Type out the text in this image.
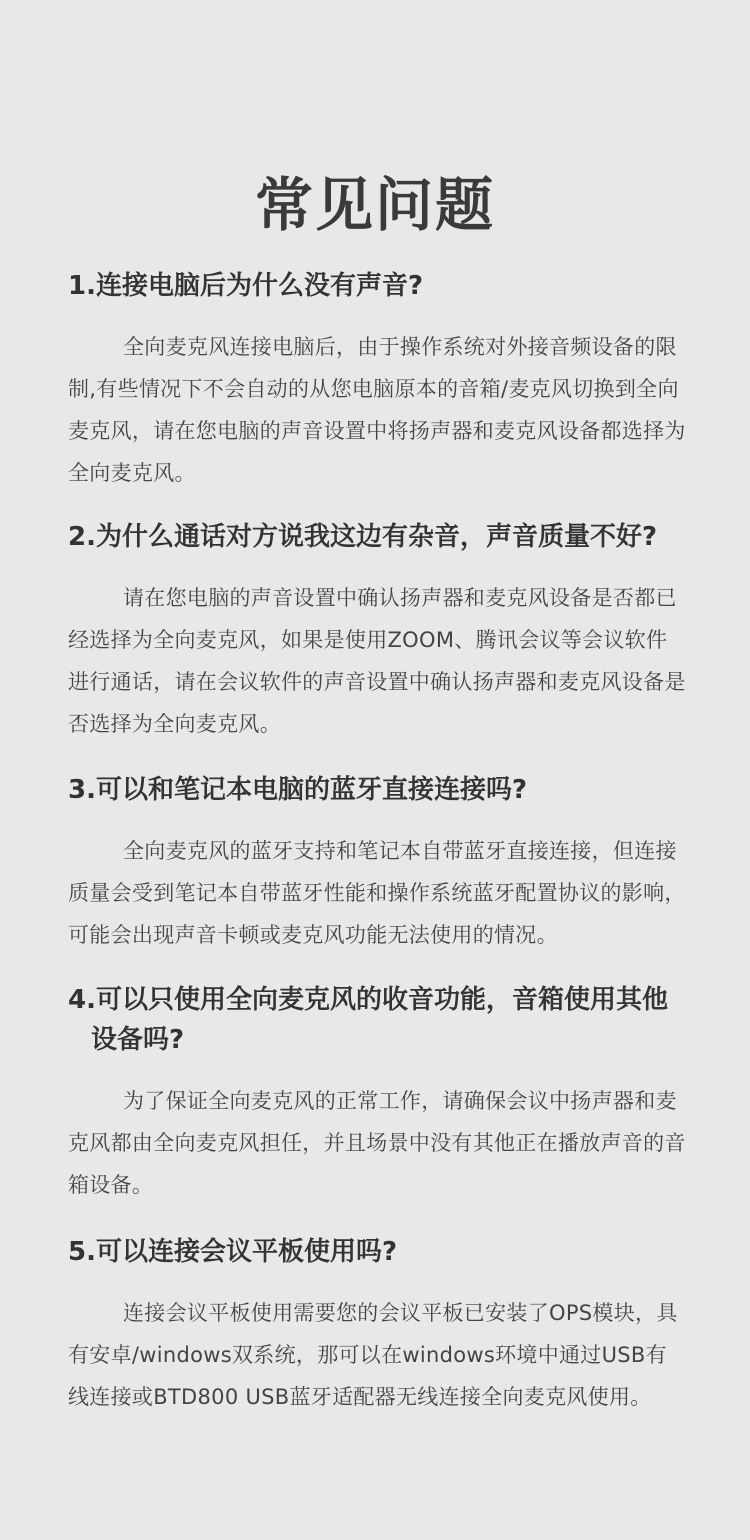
常见问题
1.连接电脑后为什么没有声音?

全向麦克风连接电脑后，由于操作系统对外接音频设备的限制,有些情况下不会自动的从您电脑原本的音箱/麦克风切换到全向麦克风，请在您电脑的声音设置中将扬声器和麦克风设备都选择为全向麦克风。

2.为什么通话对方说我这边有杂音，声音质量不好?

请在您电脑的声音设置中确认扬声器和麦克风设备是否都已经选择为全向麦克风，如果是使用ZOOM、腾讯会议等会议软件进行通话，请在会议软件的声音设置中确认扬声器和麦克风设备是否选择为全向麦克风。

3.可以和笔记本电脑的蓝牙直接连接吗?

全向麦克风的蓝牙支持和笔记本自带蓝牙直接连接，但连接质量会受到笔记本自带蓝牙性能和操作系统蓝牙配置协议的影响，可能会出现声音卡顿或麦克风功能无法使用的情况。

4.可以只使用全向麦克风的收音功能，音箱使用其他设备吗?

为了保证全向麦克风的正常工作，请确保会议中扬声器和麦克风都由全向麦克风担任，并且场景中没有其他正在播放声音的音箱设备。

5.可以连接会议平板使用吗?

连接会议平板使用需要您的会议平板已安装了OPS模块，具有安卓/windows双系统，那可以在windows环境中通过USB有线连接或BTD800 USB蓝牙适配器无线连接全向麦克风使用。
